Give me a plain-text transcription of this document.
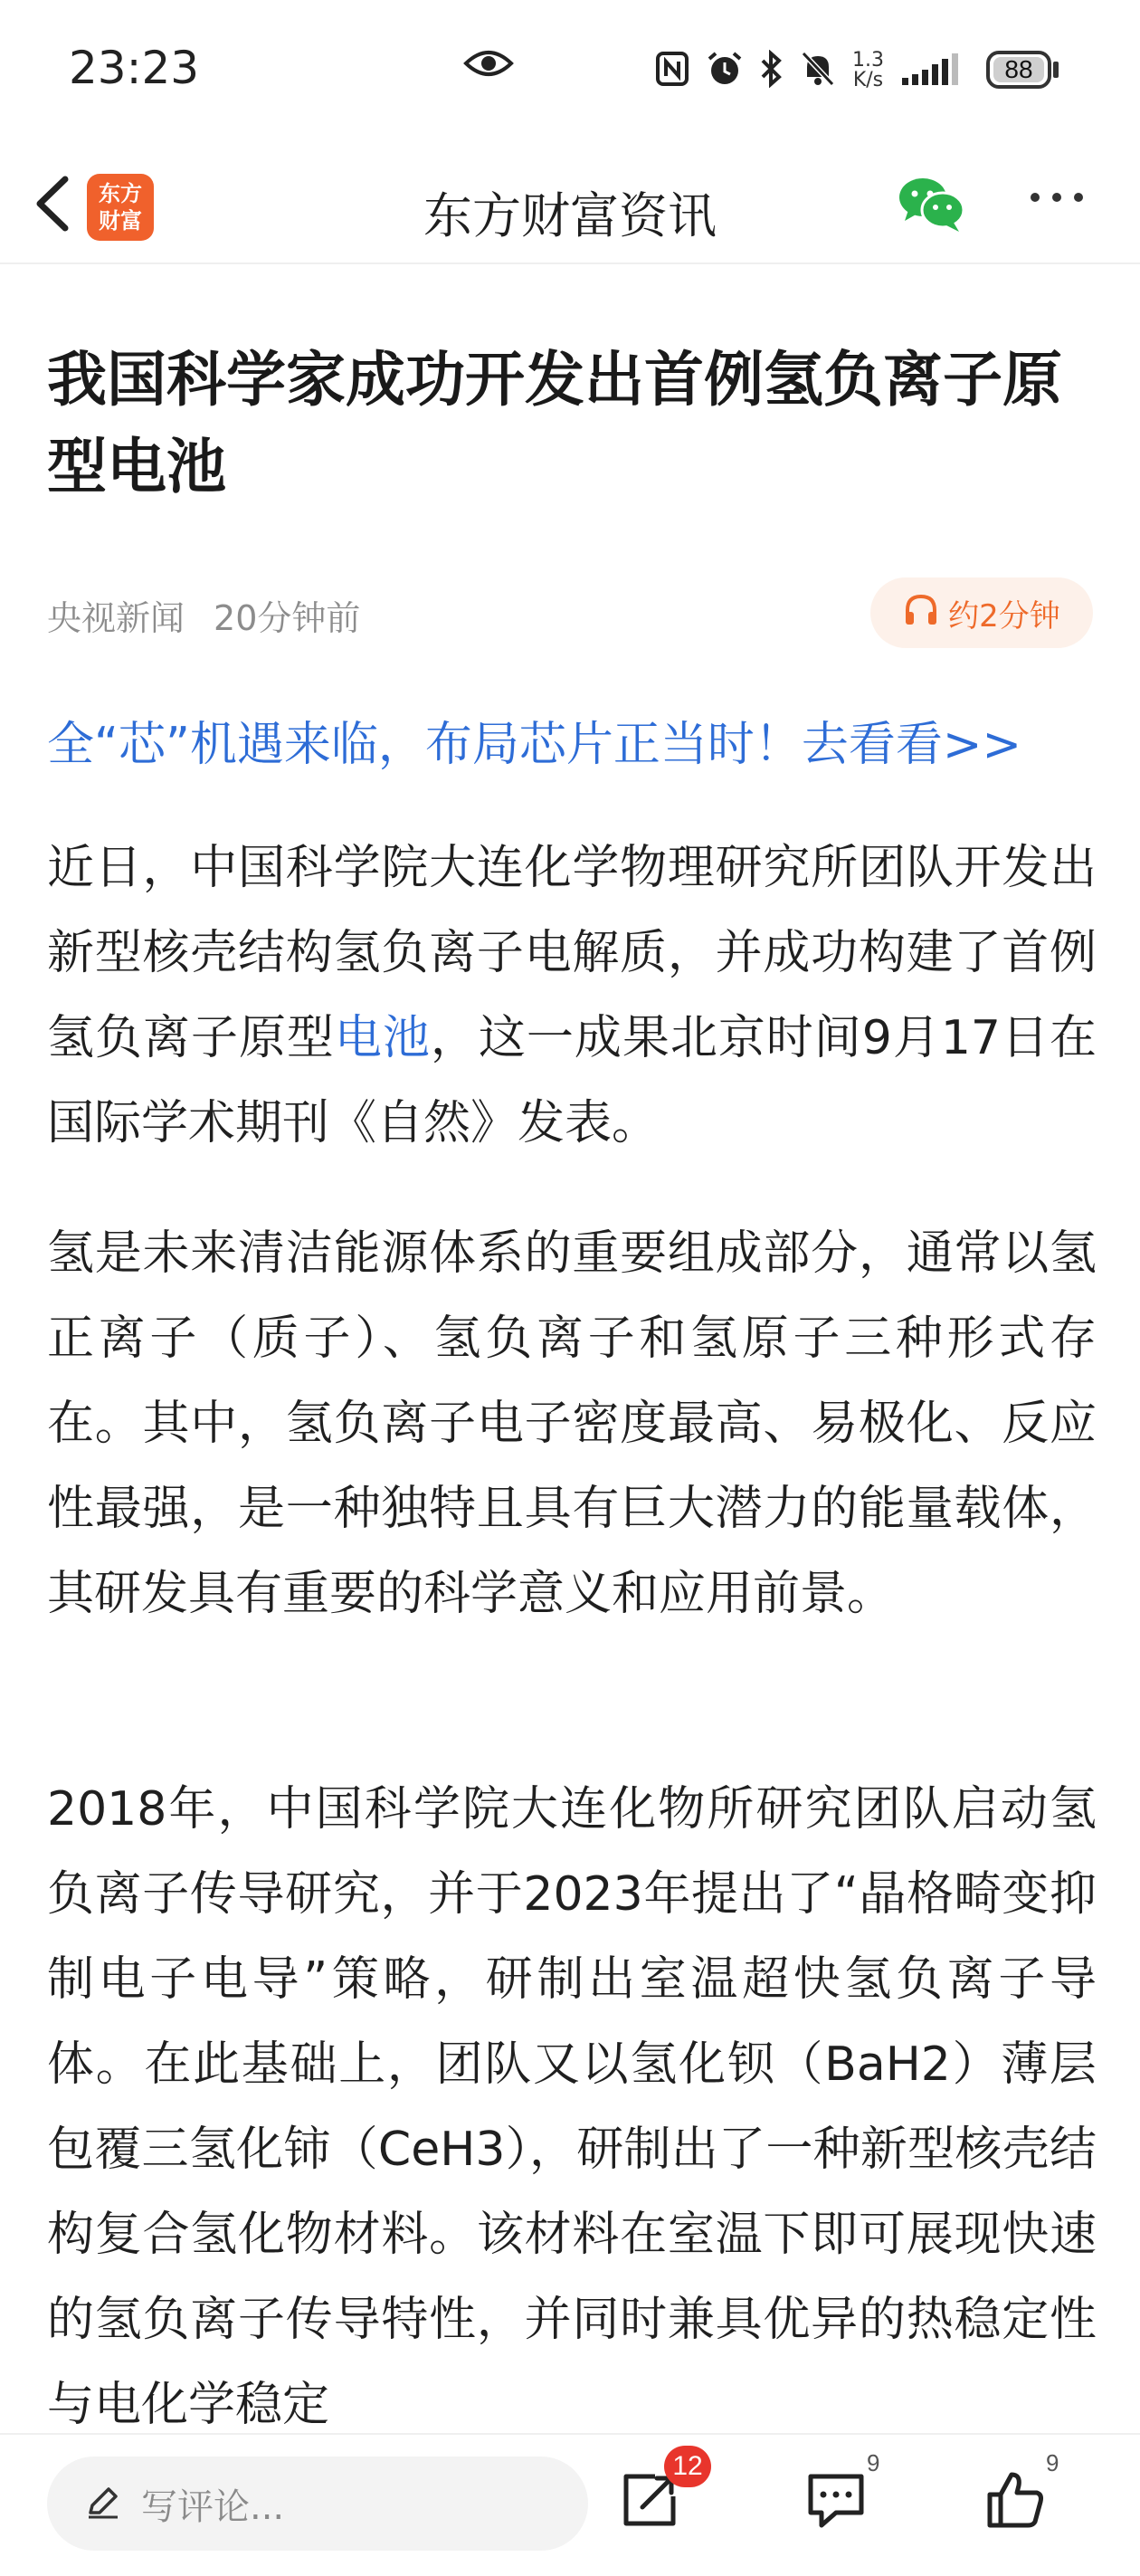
23:23	1.3
K/s	88
东方
财富	东方财富资讯
我国科学家成功开发出首例氢负离子原型电池
央视新闻 20分钟前	约2分钟
全“芯”机遇来临，布局芯片正当时！去看看>>

近日，中国科学院大连化学物理研究所团队开发出新型核壳结构氢负离子电解质，并成功构建了首例氢负离子原型电池，这一成果北京时间9月17日在国际学术期刊《自然》发表。

氢是未来清洁能源体系的重要组成部分，通常以氢正离子（质子）、氢负离子和氢原子三种形式存在。其中，氢负离子电子密度最高、易极化、反应性最强，是一种独特且具有巨大潜力的能量载体，其研发具有重要的科学意义和应用前景。

2018年，中国科学院大连化物所研究团队启动氢负离子传导研究，并于2023年提出了“晶格畸变抑制电子电导”策略，研制出室温超快氢负离子导体。在此基础上，团队又以氢化钡（BaH2）薄层包覆三氢化铈（CeH3），研制出了一种新型核壳结构复合氢化物材料。该材料在室温下即可展现快速的氢负离子传导特性，并同时兼具优异的热稳定性与电化学稳定

写评论...
12	9	9
